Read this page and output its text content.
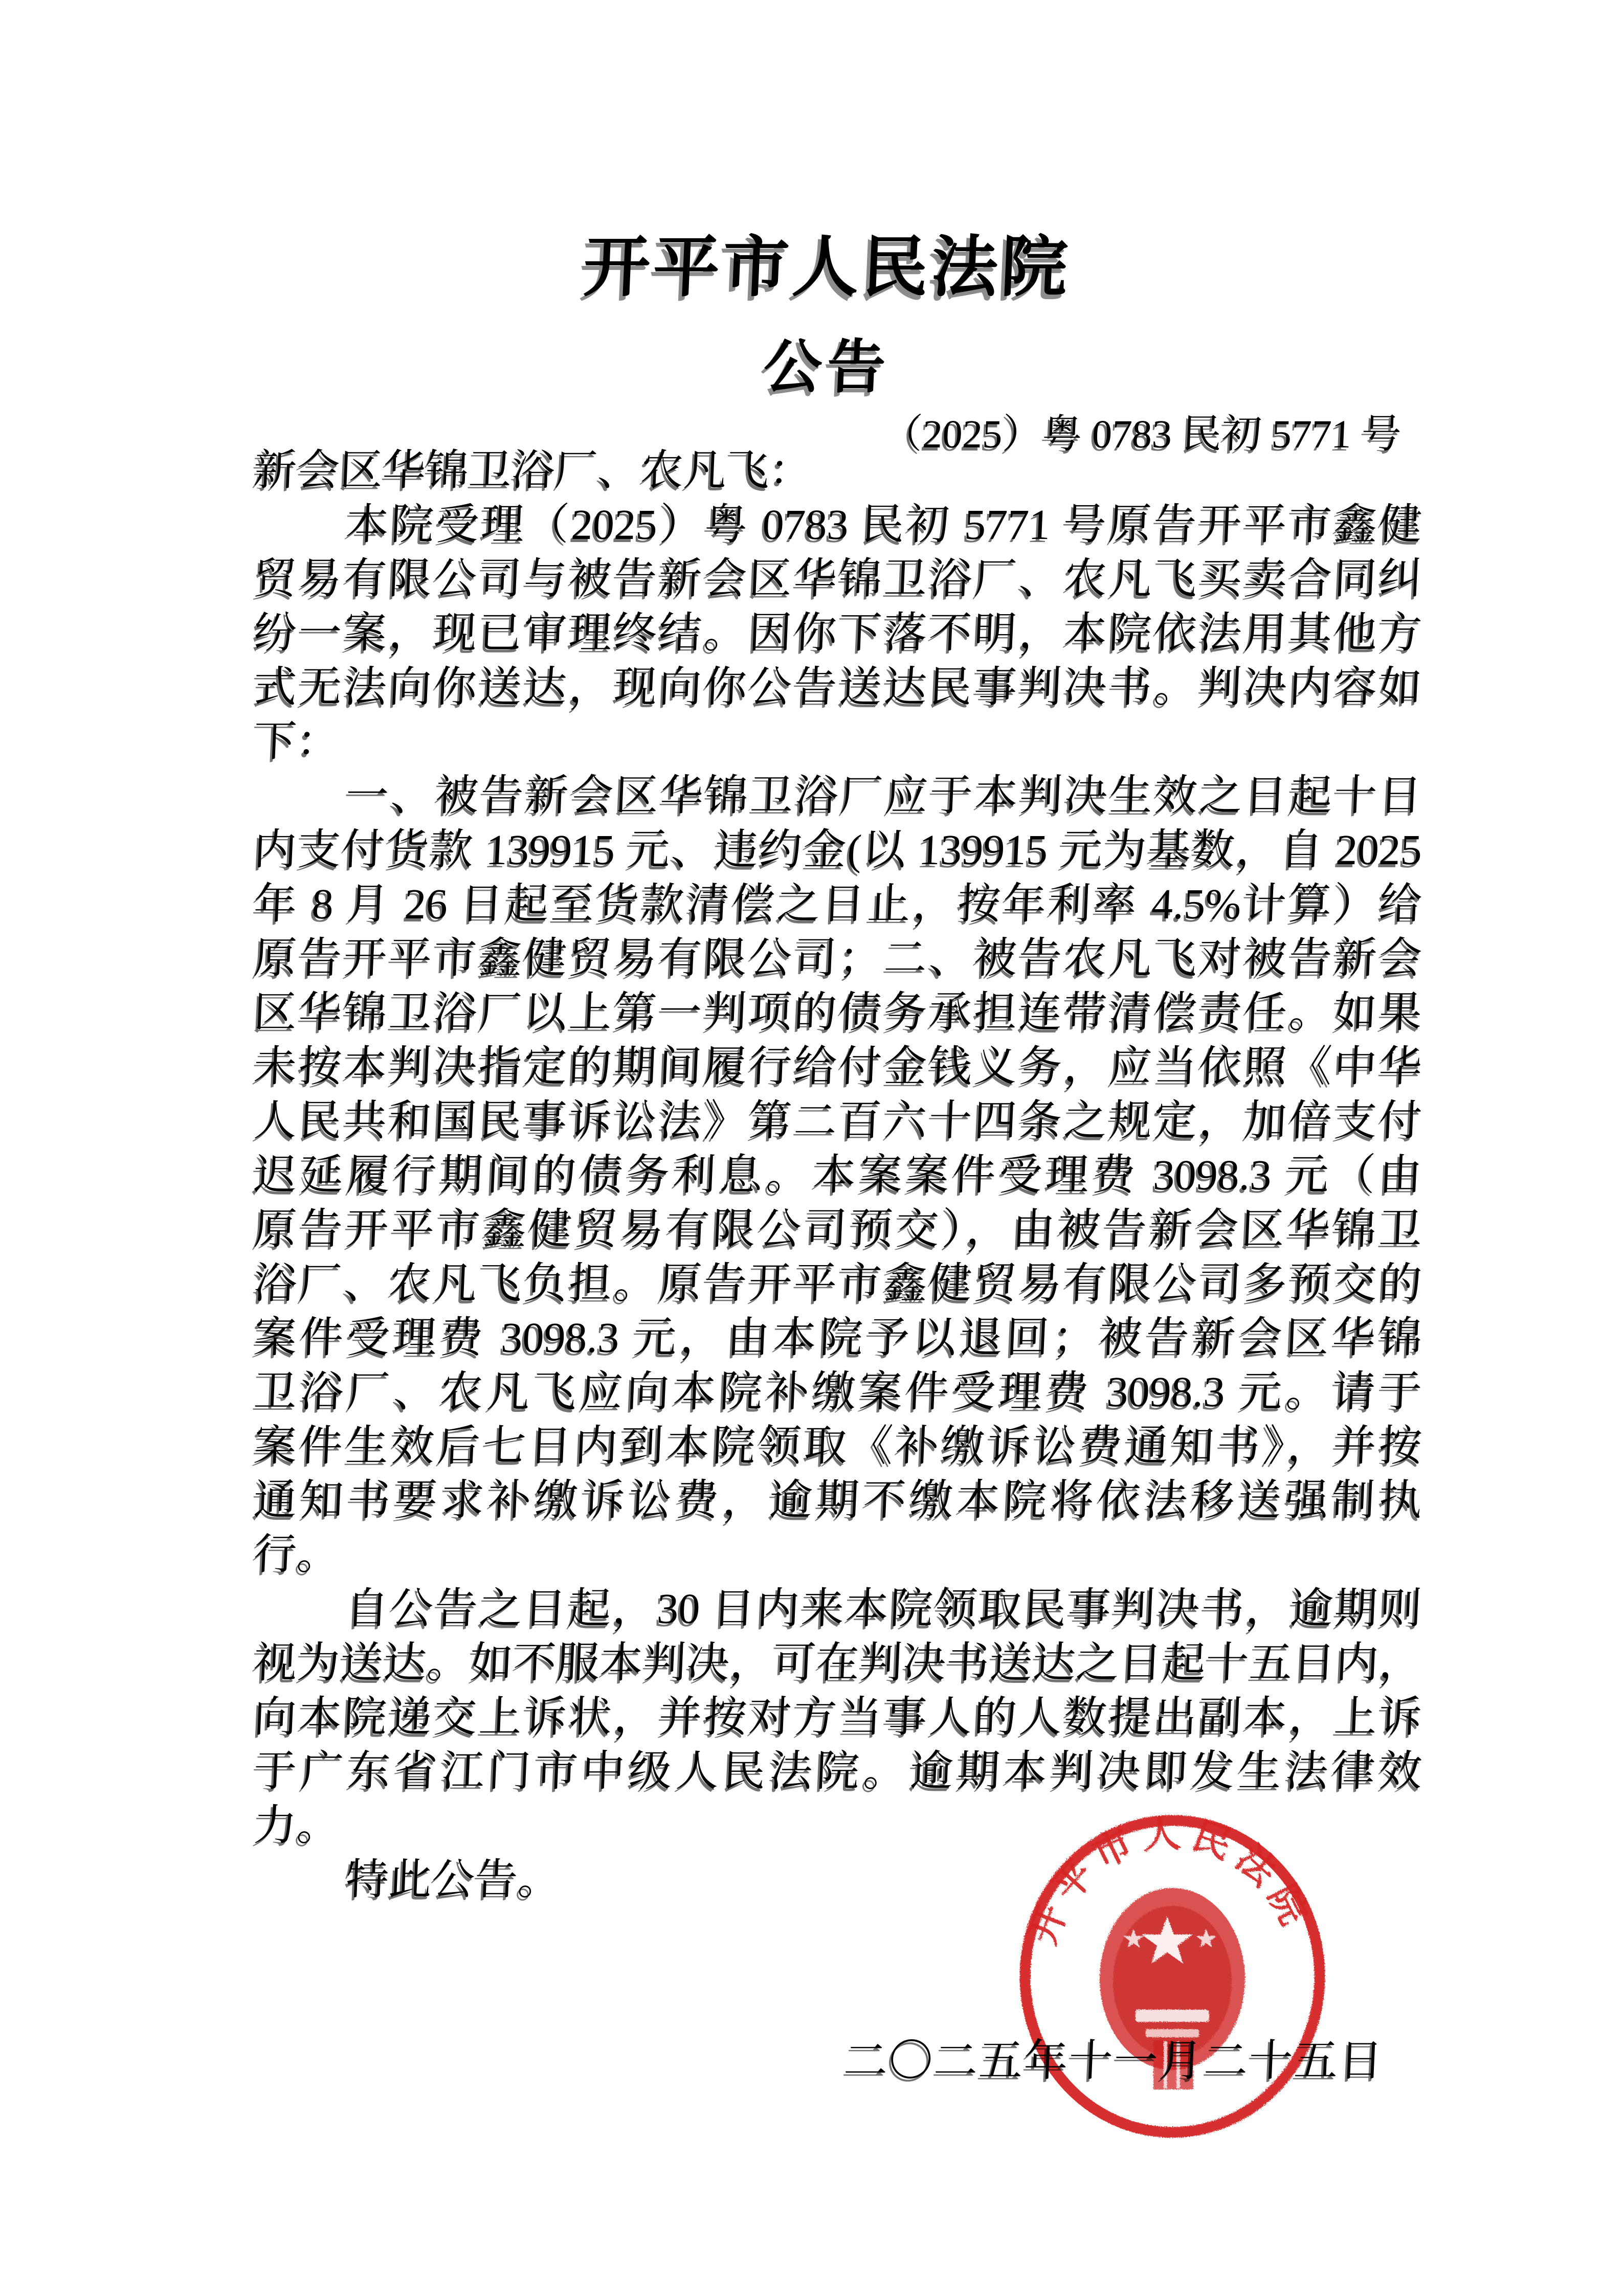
开平市人民法院
公告
（2025）粤 0783 民初 5771 号
新会区华锦卫浴厂、农凡飞：
本院受理（2025）粤 0783 民初 5771 号原告开平市鑫健
贸易有限公司与被告新会区华锦卫浴厂、农凡飞买卖合同纠
纷一案，现已审理终结。因你下落不明，本院依法用其他方
式无法向你送达，现向你公告送达民事判决书。判决内容如
下：
一、被告新会区华锦卫浴厂应于本判决生效之日起十日
内支付货款 139915 元、违约金(以 139915 元为基数，自 2025
年 8 月 26 日起至货款清偿之日止，按年利率 4.5%计算）给
原告开平市鑫健贸易有限公司；二、被告农凡飞对被告新会
区华锦卫浴厂以上第一判项的债务承担连带清偿责任。如果
未按本判决指定的期间履行给付金钱义务，应当依照《中华
人民共和国民事诉讼法》第二百六十四条之规定，加倍支付
迟延履行期间的债务利息。本案案件受理费 3098.3 元（由
原告开平市鑫健贸易有限公司预交），由被告新会区华锦卫
浴厂、农凡飞负担。原告开平市鑫健贸易有限公司多预交的
案件受理费 3098.3 元，由本院予以退回；被告新会区华锦
卫浴厂、农凡飞应向本院补缴案件受理费 3098.3 元。请于
案件生效后七日内到本院领取《补缴诉讼费通知书》，并按
通知书要求补缴诉讼费，逾期不缴本院将依法移送强制执
行。
自公告之日起，30 日内来本院领取民事判决书，逾期则
视为送达。如不服本判决，可在判决书送达之日起十五日内，
向本院递交上诉状，并按对方当事人的人数提出副本，上诉
于广东省江门市中级人民法院。逾期本判决即发生法律效
力。
特此公告。
开平市人民法院
二〇二五年十一月二十五日
